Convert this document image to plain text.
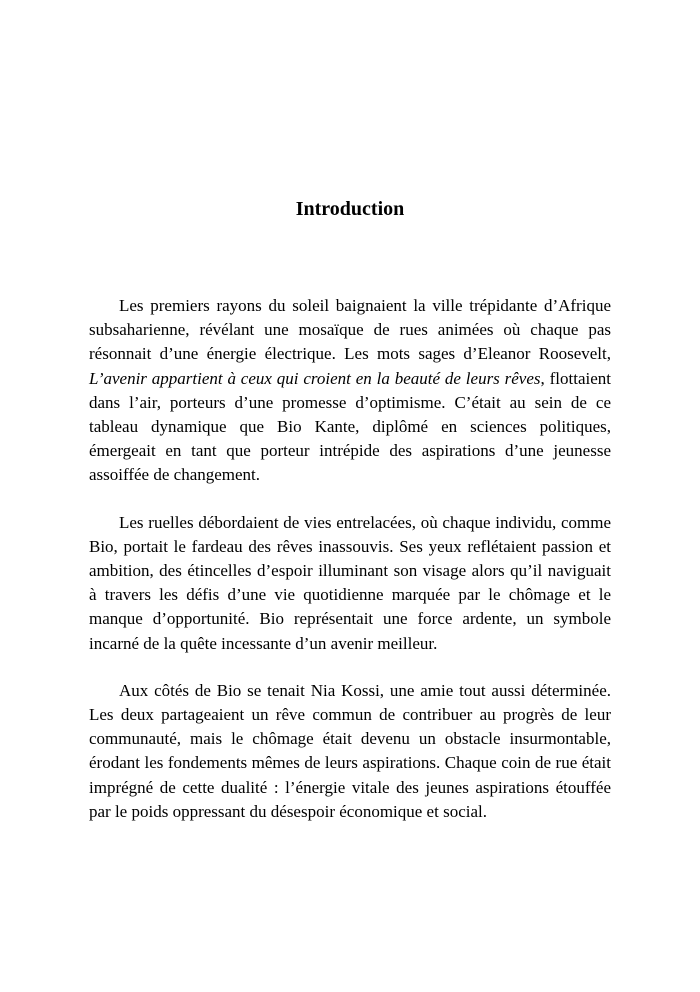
Introduction

Les premiers rayons du soleil baignaient la ville trépidante d’Afrique subsaharienne, révélant une mosaïque de rues animées où chaque pas résonnait d’une énergie électrique. Les mots sages d’Eleanor Roosevelt, L’avenir appartient à ceux qui croient en la beauté de leurs rêves, flottaient dans l’air, porteurs d’une promesse d’optimisme. C’était au sein de ce tableau dynamique que Bio Kante, diplômé en sciences politiques, émergeait en tant que porteur intrépide des aspirations d’une jeunesse assoiffée de changement.

Les ruelles débordaient de vies entrelacées, où chaque individu, comme Bio, portait le fardeau des rêves inassouvis. Ses yeux reflétaient passion et ambition, des étincelles d’espoir illuminant son visage alors qu’il naviguait à travers les défis d’une vie quotidienne marquée par le chômage et le manque d’opportunité. Bio représentait une force ardente, un symbole incarné de la quête incessante d’un avenir meilleur.

Aux côtés de Bio se tenait Nia Kossi, une amie tout aussi déterminée. Les deux partageaient un rêve commun de contribuer au progrès de leur communauté, mais le chômage était devenu un obstacle insurmontable, érodant les fondements mêmes de leurs aspirations. Chaque coin de rue était imprégné de cette dualité : l’énergie vitale des jeunes aspirations étouffée par le poids oppressant du désespoir économique et social.
